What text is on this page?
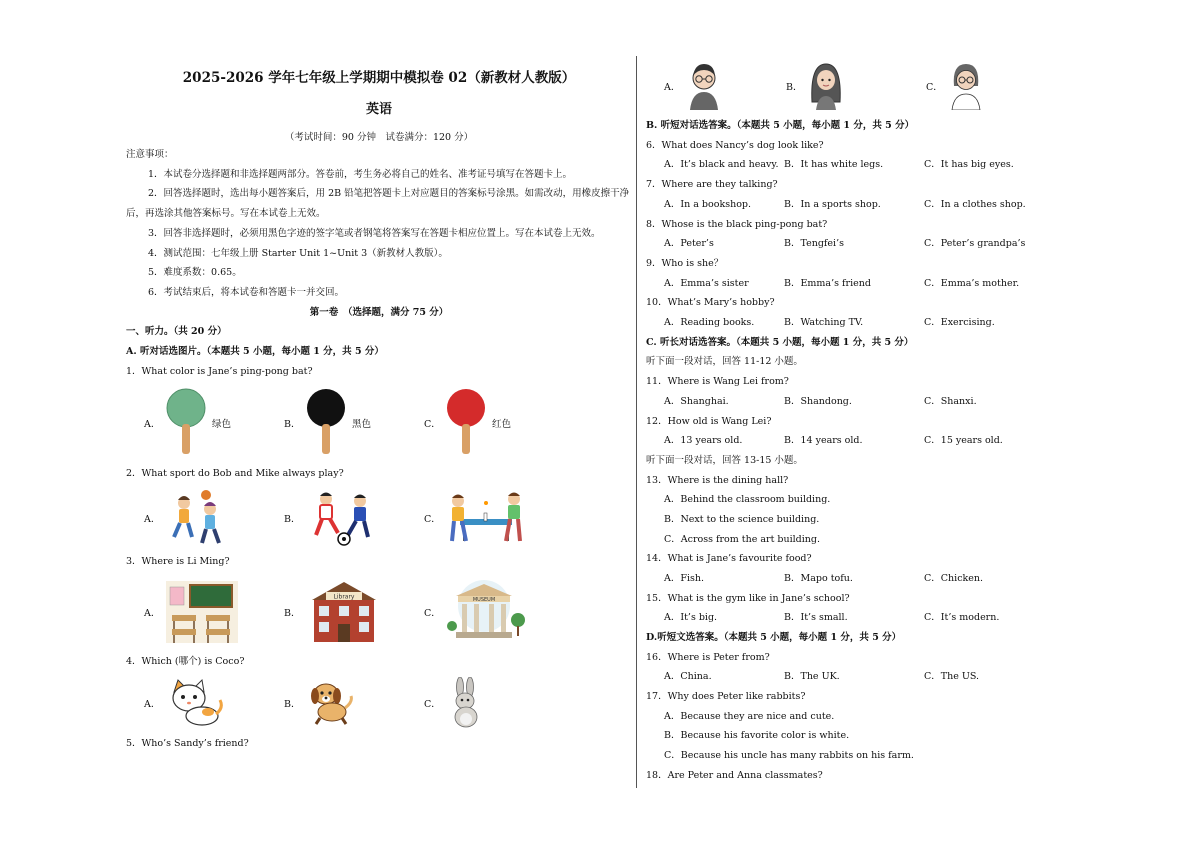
2025-2026 学年七年级上学期期中模拟卷 02（新教材人教版）
英语
（考试时间：90 分钟　试卷满分：120 分）
注意事项：
1．本试卷分选择题和非选择题两部分。答卷前，考生务必将自己的姓名、准考证号填写在答题卡上。
2．回答选择题时，选出每小题答案后，用 2B 铅笔把答题卡上对应题目的答案标号涂黑。如需改动，用橡皮擦干净后，再选涂其他答案标号。写在本试卷上无效。
3．回答非选择题时，必须用黑色字迹的签字笔或者钢笔将答案写在答题卡相应位置上。写在本试卷上无效。
4．测试范围：七年级上册 Starter Unit 1~Unit 3（新教材人教版）。
5．难度系数：0.65。
6．考试结束后，将本试卷和答题卡一并交回。
第一卷　（选择题，满分 75 分）
一、听力。（共 20 分）
A. 听对话选图片。（本题共 5 小题，每小题 1 分，共 5 分）
1．What color is Jane’s ping-pong bat?
A．	绿色	B．	黑色	C．	红色
2．What sport do Bob and Mike always play?
A．	B．	C．
3．Where is Li Ming?
A．	B．
Library
C．
MUSEUM
4．Which (哪个) is Coco?
A．	B．	C．
5．Who’s Sandy’s friend?
A．	B．	C．
B. 听短对话选答案。（本题共 5 小题，每小题 1 分，共 5 分）
6．What does Nancy’s dog look like?
A．It’s black and heavy. B．It has white legs.	C．It has big eyes.
7．Where are they talking?
A．In a bookshop.	B．In a sports shop.	C．In a clothes shop.
8．Whose is the black ping-pong bat?
A．Peter’s	B．Tengfei’s	C．Peter’s grandpa’s
9．Who is she？
A．Emma’s sister	B．Emma’s friend	C．Emma’s mother.
10．What’s Mary’s hobby?
A．Reading books.	B．Watching TV.	C．Exercising.
C. 听长对话选答案。（本题共 5 小题，每小题 1 分，共 5 分）
听下面一段对话，回答 11-12 小题。
11．Where is Wang Lei from?
A．Shanghai.	B．Shandong.	C．Shanxi.
12．How old is Wang Lei?
A．13 years old.	B．14 years old.	C．15 years old.
听下面一段对话，回答 13-15 小题。
13．Where is the dining hall?
A．Behind the classroom building.
B．Next to the science building.
C．Across from the art building.
14．What is Jane’s favourite food?
A．Fish.	B．Mapo tofu.	C．Chicken.
15．What is the gym like in Jane’s school?
A．It’s big.	B．It’s small.	C．It’s modern.
D.听短文选答案。（本题共 5 小题，每小题 1 分，共 5 分）
16．Where is Peter from?
A．China.	B．The UK.	C．The US.
17．Why does Peter like rabbits?
A．Because they are nice and cute.
B．Because his favorite color is white.
C．Because his uncle has many rabbits on his farm.
18．Are Peter and Anna classmates?
